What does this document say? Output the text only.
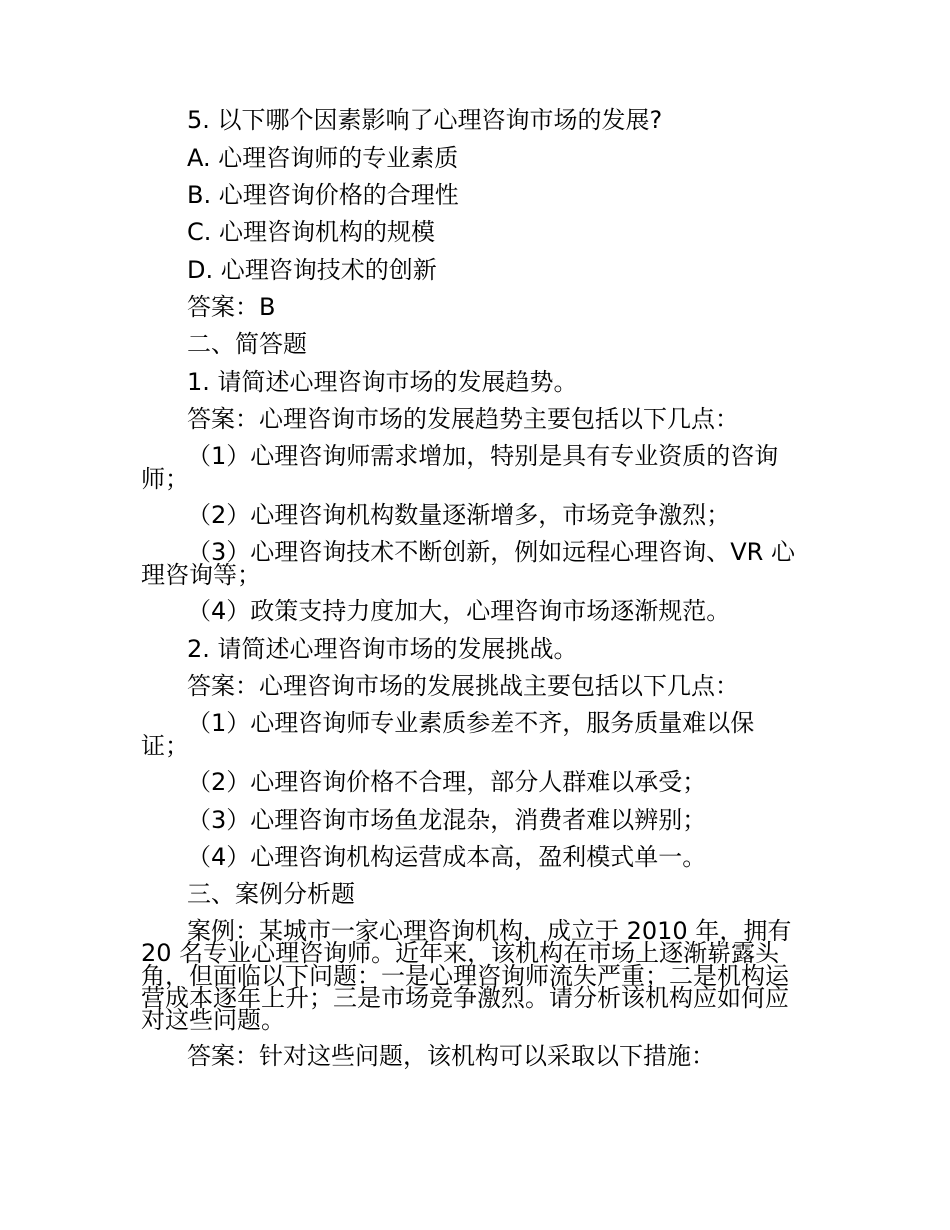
5. 以下哪个因素影响了心理咨询市场的发展?
A. 心理咨询师的专业素质
B. 心理咨询价格的合理性
C. 心理咨询机构的规模
D. 心理咨询技术的创新
答案：B
二、简答题
1. 请简述心理咨询市场的发展趋势。
答案：心理咨询市场的发展趋势主要包括以下几点：
（1）心理咨询师需求增加，特别是具有专业资质的咨询
师；
（2）心理咨询机构数量逐渐增多，市场竞争激烈；
（3）心理咨询技术不断创新，例如远程心理咨询、VR 心
理咨询等；
（4）政策支持力度加大，心理咨询市场逐渐规范。
2. 请简述心理咨询市场的发展挑战。
答案：心理咨询市场的发展挑战主要包括以下几点：
（1）心理咨询师专业素质参差不齐，服务质量难以保
证；
（2）心理咨询价格不合理，部分人群难以承受；
（3）心理咨询市场鱼龙混杂，消费者难以辨别；
（4）心理咨询机构运营成本高，盈利模式单一。
三、案例分析题
案例：某城市一家心理咨询机构，成立于 2010 年，拥有
20 名专业心理咨询师。近年来，该机构在市场上逐渐崭露头
角，但面临以下问题：一是心理咨询师流失严重；二是机构运
营成本逐年上升；三是市场竞争激烈。请分析该机构应如何应
对这些问题。
答案：针对这些问题，该机构可以采取以下措施：
